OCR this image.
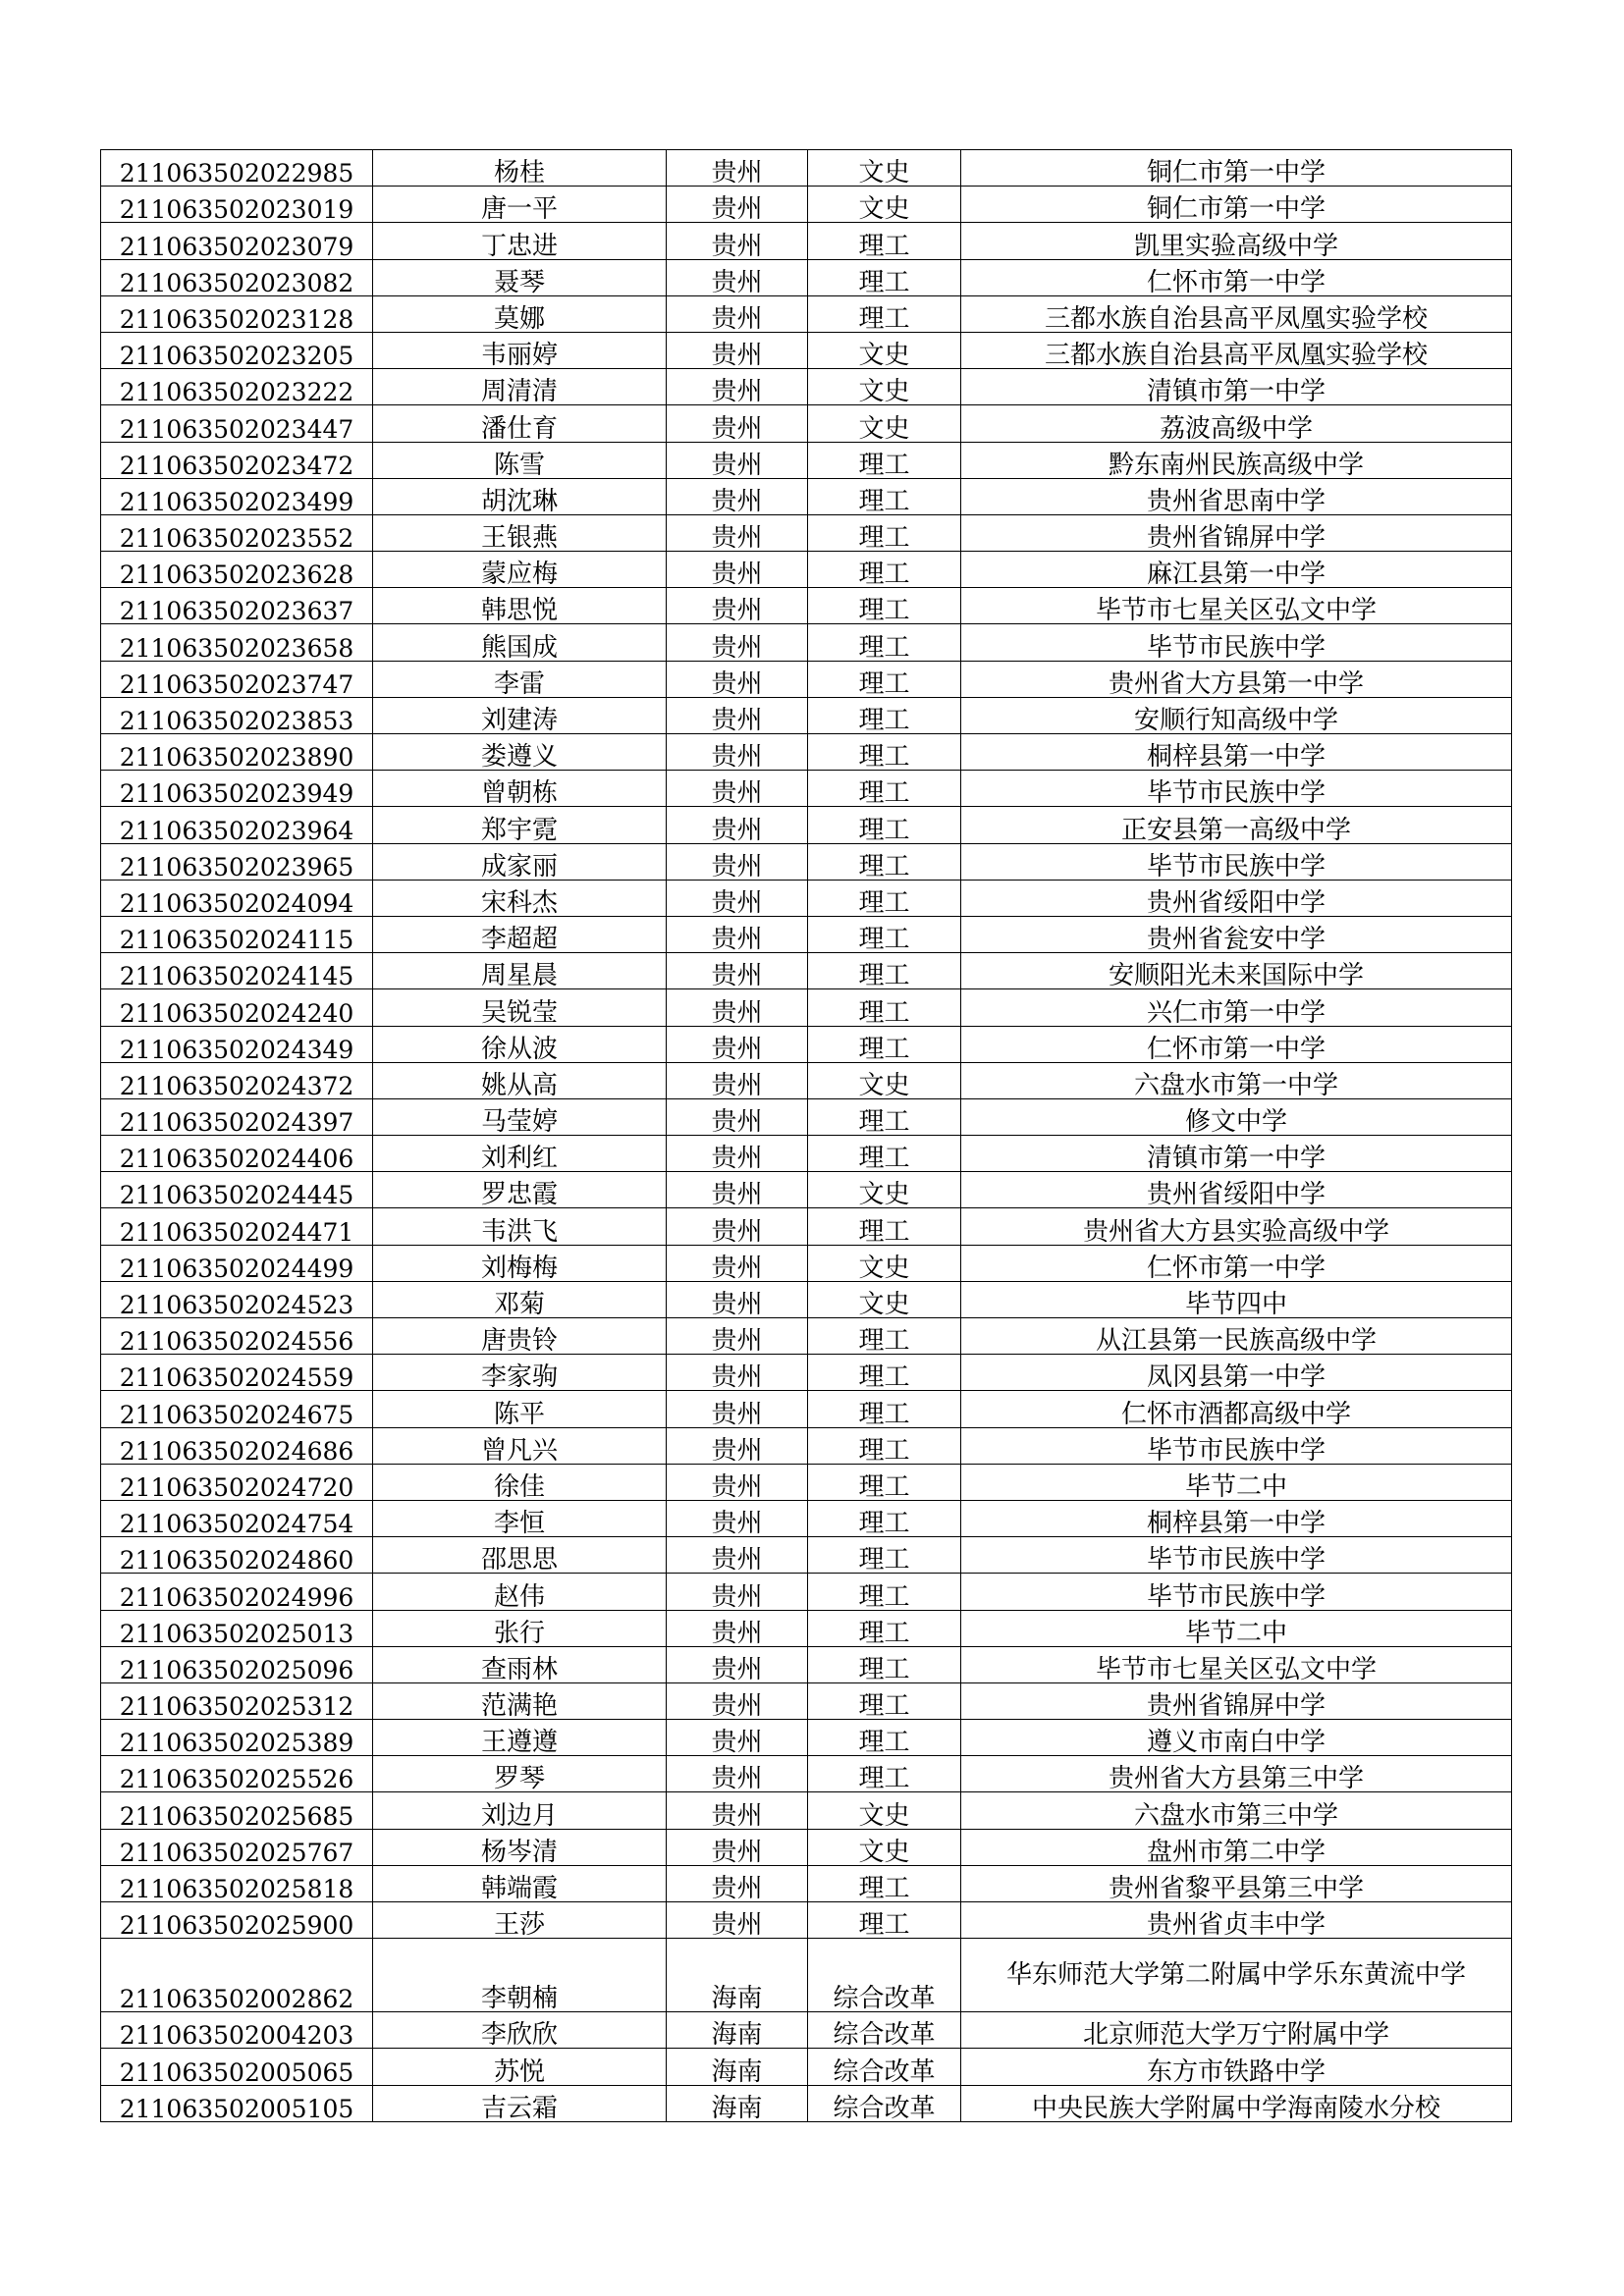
211063502022985	杨桂	贵州	文史	铜仁市第一中学
211063502023019	唐一平	贵州	文史	铜仁市第一中学
211063502023079	丁忠进	贵州	理工	凯里实验高级中学
211063502023082	聂琴	贵州	理工	仁怀市第一中学
211063502023128	莫娜	贵州	理工	三都水族自治县高平凤凰实验学校
211063502023205	韦丽婷	贵州	文史	三都水族自治县高平凤凰实验学校
211063502023222	周清清	贵州	文史	清镇市第一中学
211063502023447	潘仕育	贵州	文史	荔波高级中学
211063502023472	陈雪	贵州	理工	黔东南州民族高级中学
211063502023499	胡沈琳	贵州	理工	贵州省思南中学
211063502023552	王银燕	贵州	理工	贵州省锦屏中学
211063502023628	蒙应梅	贵州	理工	麻江县第一中学
211063502023637	韩思悦	贵州	理工	毕节市七星关区弘文中学
211063502023658	熊国成	贵州	理工	毕节市民族中学
211063502023747	李雷	贵州	理工	贵州省大方县第一中学
211063502023853	刘建涛	贵州	理工	安顺行知高级中学
211063502023890	娄遵义	贵州	理工	桐梓县第一中学
211063502023949	曾朝栋	贵州	理工	毕节市民族中学
211063502023964	郑宇霓	贵州	理工	正安县第一高级中学
211063502023965	成家丽	贵州	理工	毕节市民族中学
211063502024094	宋科杰	贵州	理工	贵州省绥阳中学
211063502024115	李超超	贵州	理工	贵州省瓮安中学
211063502024145	周星晨	贵州	理工	安顺阳光未来国际中学
211063502024240	吴锐莹	贵州	理工	兴仁市第一中学
211063502024349	徐从波	贵州	理工	仁怀市第一中学
211063502024372	姚从高	贵州	文史	六盘水市第一中学
211063502024397	马莹婷	贵州	理工	修文中学
211063502024406	刘利红	贵州	理工	清镇市第一中学
211063502024445	罗忠霞	贵州	文史	贵州省绥阳中学
211063502024471	韦洪飞	贵州	理工	贵州省大方县实验高级中学
211063502024499	刘梅梅	贵州	文史	仁怀市第一中学
211063502024523	邓菊	贵州	文史	毕节四中
211063502024556	唐贵铃	贵州	理工	从江县第一民族高级中学
211063502024559	李家驹	贵州	理工	凤冈县第一中学
211063502024675	陈平	贵州	理工	仁怀市酒都高级中学
211063502024686	曾凡兴	贵州	理工	毕节市民族中学
211063502024720	徐佳	贵州	理工	毕节二中
211063502024754	李恒	贵州	理工	桐梓县第一中学
211063502024860	邵思思	贵州	理工	毕节市民族中学
211063502024996	赵伟	贵州	理工	毕节市民族中学
211063502025013	张行	贵州	理工	毕节二中
211063502025096	查雨林	贵州	理工	毕节市七星关区弘文中学
211063502025312	范满艳	贵州	理工	贵州省锦屏中学
211063502025389	王遵遵	贵州	理工	遵义市南白中学
211063502025526	罗琴	贵州	理工	贵州省大方县第三中学
211063502025685	刘边月	贵州	文史	六盘水市第三中学
211063502025767	杨岑清	贵州	文史	盘州市第二中学
211063502025818	韩端霞	贵州	理工	贵州省黎平县第三中学
211063502025900	王莎	贵州	理工	贵州省贞丰中学
211063502002862	李朝楠	海南	综合改革	华东师范大学第二附属中学乐东黄流中学
211063502004203	李欣欣	海南	综合改革	北京师范大学万宁附属中学
211063502005065	苏悦	海南	综合改革	东方市铁路中学
211063502005105	吉云霜	海南	综合改革	中央民族大学附属中学海南陵水分校
